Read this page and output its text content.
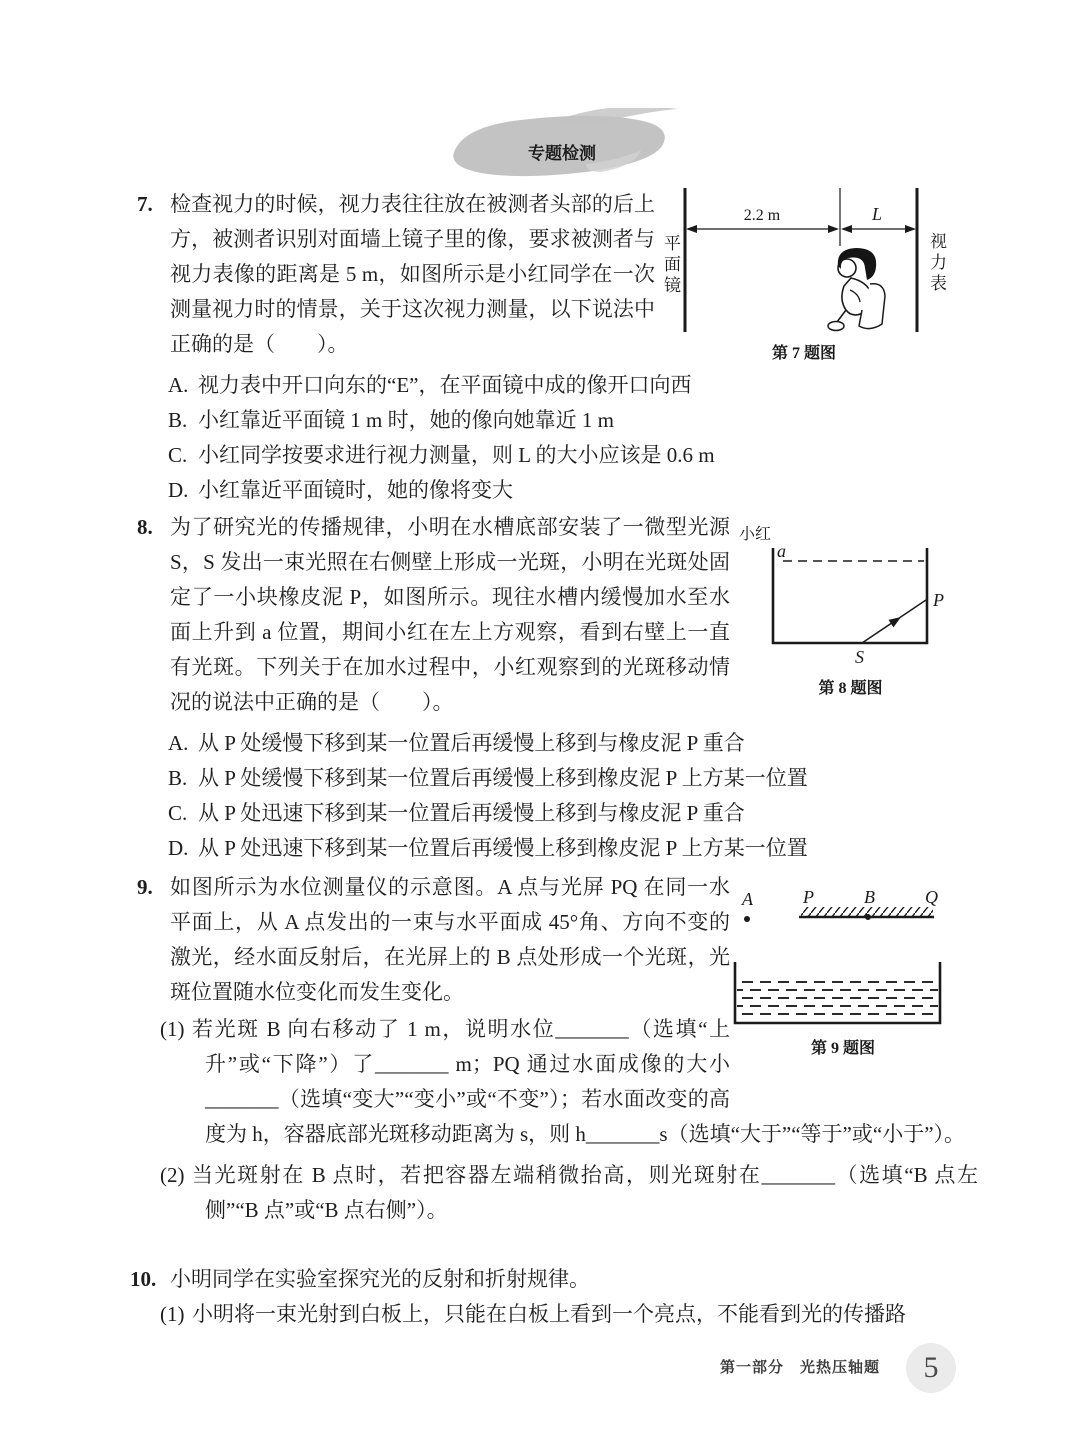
专题检测
7. 检查视力的时候，视力表往往放在被测者头部的后上方，被测者识别对面墙上镜子里的像，要求被测者与视力表像的距离是 5 m，如图所示是小红同学在一次测量视力时的情景，关于这次视力测量，以下说法中正确的是（　　）。
A. 视力表中开口向东的“E”，在平面镜中成的像开口向西
B. 小红靠近平面镜 1 m 时，她的像向她靠近 1 m
C. 小红同学按要求进行视力测量，则 L 的大小应该是 0.6 m
D. 小红靠近平面镜时，她的像将变大
2.2 m	L
平面镜	视力表
第 7 题图
8. 为了研究光的传播规律，小明在水槽底部安装了一微型光源 S，S 发出一束光照在右侧壁上形成一光斑，小明在光斑处固定了一小块橡皮泥 P，如图所示。现往水槽内缓慢加水至水面上升到 a 位置，期间小红在左上方观察，看到右壁上一直有光斑。下列关于在加水过程中，小红观察到的光斑移动情况的说法中正确的是（　　）。
A. 从 P 处缓慢下移到某一位置后再缓慢上移到与橡皮泥 P 重合
B. 从 P 处缓慢下移到某一位置后再缓慢上移到橡皮泥 P 上方某一位置
C. 从 P 处迅速下移到某一位置后再缓慢上移到与橡皮泥 P 重合
D. 从 P 处迅速下移到某一位置后再缓慢上移到橡皮泥 P 上方某一位置
小红
a
P
S
第 8 题图
9. 如图所示为水位测量仪的示意图。A 点与光屏 PQ 在同一水平面上，从 A 点发出的一束与水平面成 45°角、方向不变的激光，经水面反射后，在光屏上的 B 点处形成一个光斑，光斑位置随水位变化而发生变化。
(1) 若光斑 B 向右移动了 1 m，说明水位_______（选填“上升”或“下降”）了_______ m；PQ 通过水面成像的大小_______（选填“变大”“变小”或“不变”）；若水面改变的高度为 h，容器底部光斑移动距离为 s，则 h_______s（选填“大于”“等于”或“小于”）。
(2) 当光斑射在 B 点时，若把容器左端稍微抬高，则光斑射在_______（选填“B 点左侧”“B 点”或“B 点右侧”）。
A	P	B	Q
第 9 题图
10. 小明同学在实验室探究光的反射和折射规律。
(1) 小明将一束光射到白板上，只能在白板上看到一个亮点，不能看到光的传播路
第一部分　光热压轴题	5
